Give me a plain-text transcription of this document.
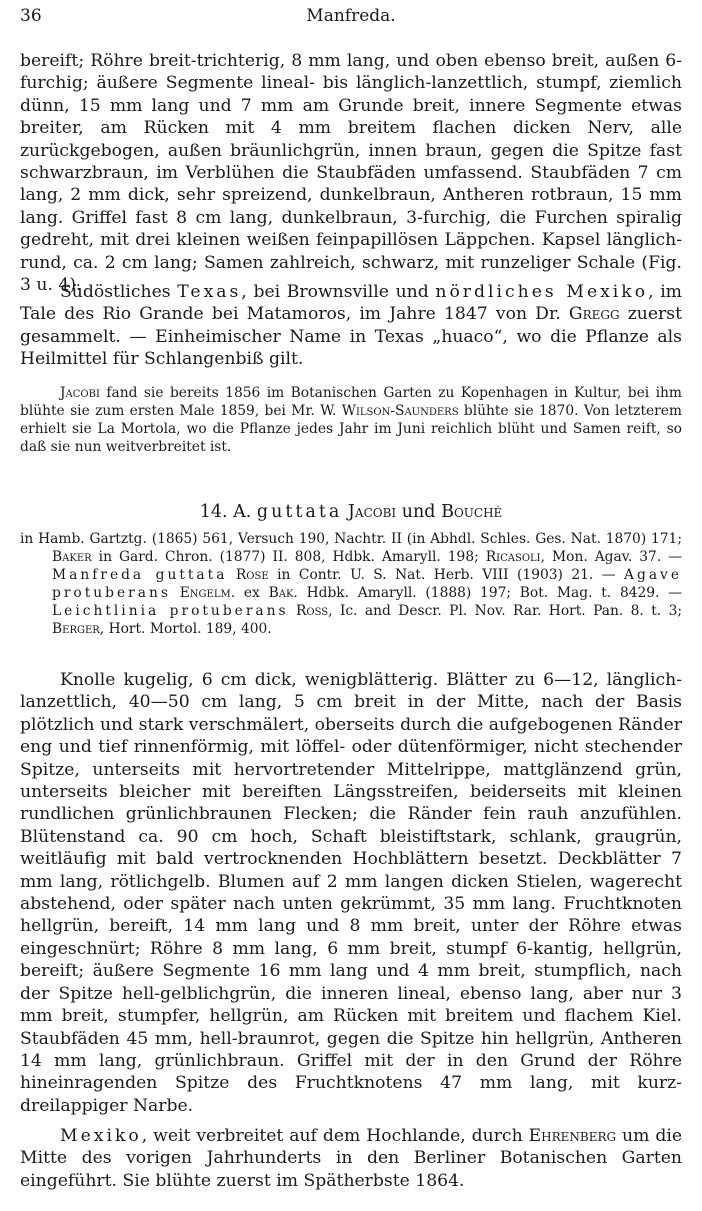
36	Manfreda.

bereift; Röhre breit-trichterig, 8 mm lang, und oben ebenso breit, außen 6-furchig; äußere Segmente lineal- bis länglich-lanzettlich, stumpf, ziemlich dünn, 15 mm lang und 7 mm am Grunde breit, innere Segmente etwas breiter, am Rücken mit 4 mm breitem flachen dicken Nerv, alle zurückgebogen, außen bräunlichgrün, innen braun, gegen die Spitze fast schwarzbraun, im Verblühen die Staubfäden umfassend. Staubfäden 7 cm lang, 2 mm dick, sehr spreizend, dunkelbraun, Antheren rotbraun, 15 mm lang. Griffel fast 8 cm lang, dunkelbraun, 3-furchig, die Furchen spiralig gedreht, mit drei kleinen weißen feinpapillösen Läppchen. Kapsel länglich-rund, ca. 2 cm lang; Samen zahlreich, schwarz, mit runzeliger Schale (Fig. 3 u. 4).

Südöstliches Texas, bei Brownsville und nördliches Mexiko, im Tale des Rio Grande bei Matamoros, im Jahre 1847 von Dr. Gregg zuerst gesammelt. — Einheimischer Name in Texas „huaco“, wo die Pflanze als Heilmittel für Schlangenbiß gilt.

Jacobi fand sie bereits 1856 im Botanischen Garten zu Kopenhagen in Kultur, bei ihm blühte sie zum ersten Male 1859, bei Mr. W. Wilson-Saunders blühte sie 1870. Von letzterem erhielt sie La Mortola, wo die Pflanze jedes Jahr im Juni reichlich blüht und Samen reift, so daß sie nun weitverbreitet ist.

14. A. guttata Jacobi und Bouché

in Hamb. Gartztg. (1865) 561, Versuch 190, Nachtr. II (in Abhdl. Schles. Ges. Nat. 1870) 171; Baker in Gard. Chron. (1877) II. 808, Hdbk. Amaryll. 198; Ricasoli, Mon. Agav. 37. — Manfreda guttata Rose in Contr. U. S. Nat. Herb. VIII (1903) 21. — Agave protuberans Engelm. ex Bak. Hdbk. Amaryll. (1888) 197; Bot. Mag. t. 8429. — Leichtlinia protuberans Ross, Ic. and Descr. Pl. Nov. Rar. Hort. Pan. 8. t. 3; Berger, Hort. Mortol. 189, 400.

Knolle kugelig, 6 cm dick, wenigblätterig. Blätter zu 6—12, länglich-lanzettlich, 40—50 cm lang, 5 cm breit in der Mitte, nach der Basis plötzlich und stark verschmälert, oberseits durch die aufgebogenen Ränder eng und tief rinnenförmig, mit löffel- oder dütenförmiger, nicht stechender Spitze, unterseits mit hervortretender Mittelrippe, mattglänzend grün, unterseits bleicher mit bereiften Längsstreifen, beiderseits mit kleinen rundlichen grünlichbraunen Flecken; die Ränder fein rauh anzufühlen. Blütenstand ca. 90 cm hoch, Schaft bleistiftstark, schlank, graugrün, weitläufig mit bald vertrocknenden Hochblättern besetzt. Deckblätter 7 mm lang, rötlichgelb. Blumen auf 2 mm langen dicken Stielen, wagerecht abstehend, oder später nach unten gekrümmt, 35 mm lang. Fruchtknoten hellgrün, bereift, 14 mm lang und 8 mm breit, unter der Röhre etwas eingeschnürt; Röhre 8 mm lang, 6 mm breit, stumpf 6-kantig, hellgrün, bereift; äußere Segmente 16 mm lang und 4 mm breit, stumpflich, nach der Spitze hell-gelblichgrün, die inneren lineal, ebenso lang, aber nur 3 mm breit, stumpfer, hellgrün, am Rücken mit breitem und flachem Kiel. Staubfäden 45 mm, hell-braunrot, gegen die Spitze hin hellgrün, Antheren 14 mm lang, grünlichbraun. Griffel mit der in den Grund der Röhre hineinragenden Spitze des Fruchtknotens 47 mm lang, mit kurz-dreilappiger Narbe.

Mexiko, weit verbreitet auf dem Hochlande, durch Ehrenberg um die Mitte des vorigen Jahrhunderts in den Berliner Botanischen Garten eingeführt. Sie blühte zuerst im Spätherbste 1864.
